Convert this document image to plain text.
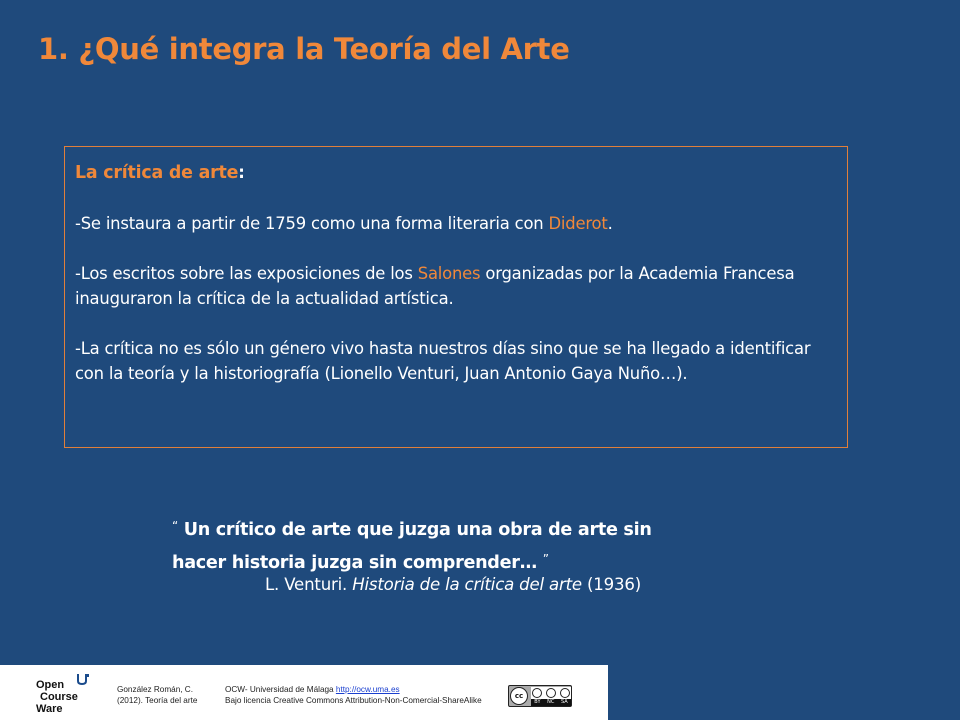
1. ¿Qué integra la Teoría del Arte

La crítica de arte:

-Se instaura a partir de 1759 como una forma literaria con Diderot.

-Los escritos sobre las exposiciones de los Salones organizadas por la Academia Francesa inauguraron la crítica de la actualidad artística.

-La crítica no es sólo un género vivo hasta nuestros días sino que se ha llegado a identificar con la teoría y la historiografía (Lionello Venturi, Juan Antonio Gaya Nuño…).

“ Un crítico de arte que juzga una obra de arte sin
hacer historia juzga sin comprender… ”
L. Venturi. Historia de la crítica del arte (1936)
Open
Course
Ware
González Román, C.
(2012). Teoría del arte
OCW- Universidad de Málaga http://ocw.uma.es
Bajo licencia Creative Commons Attribution-Non-Comercial-ShareAlike	cc
BY NC SA
